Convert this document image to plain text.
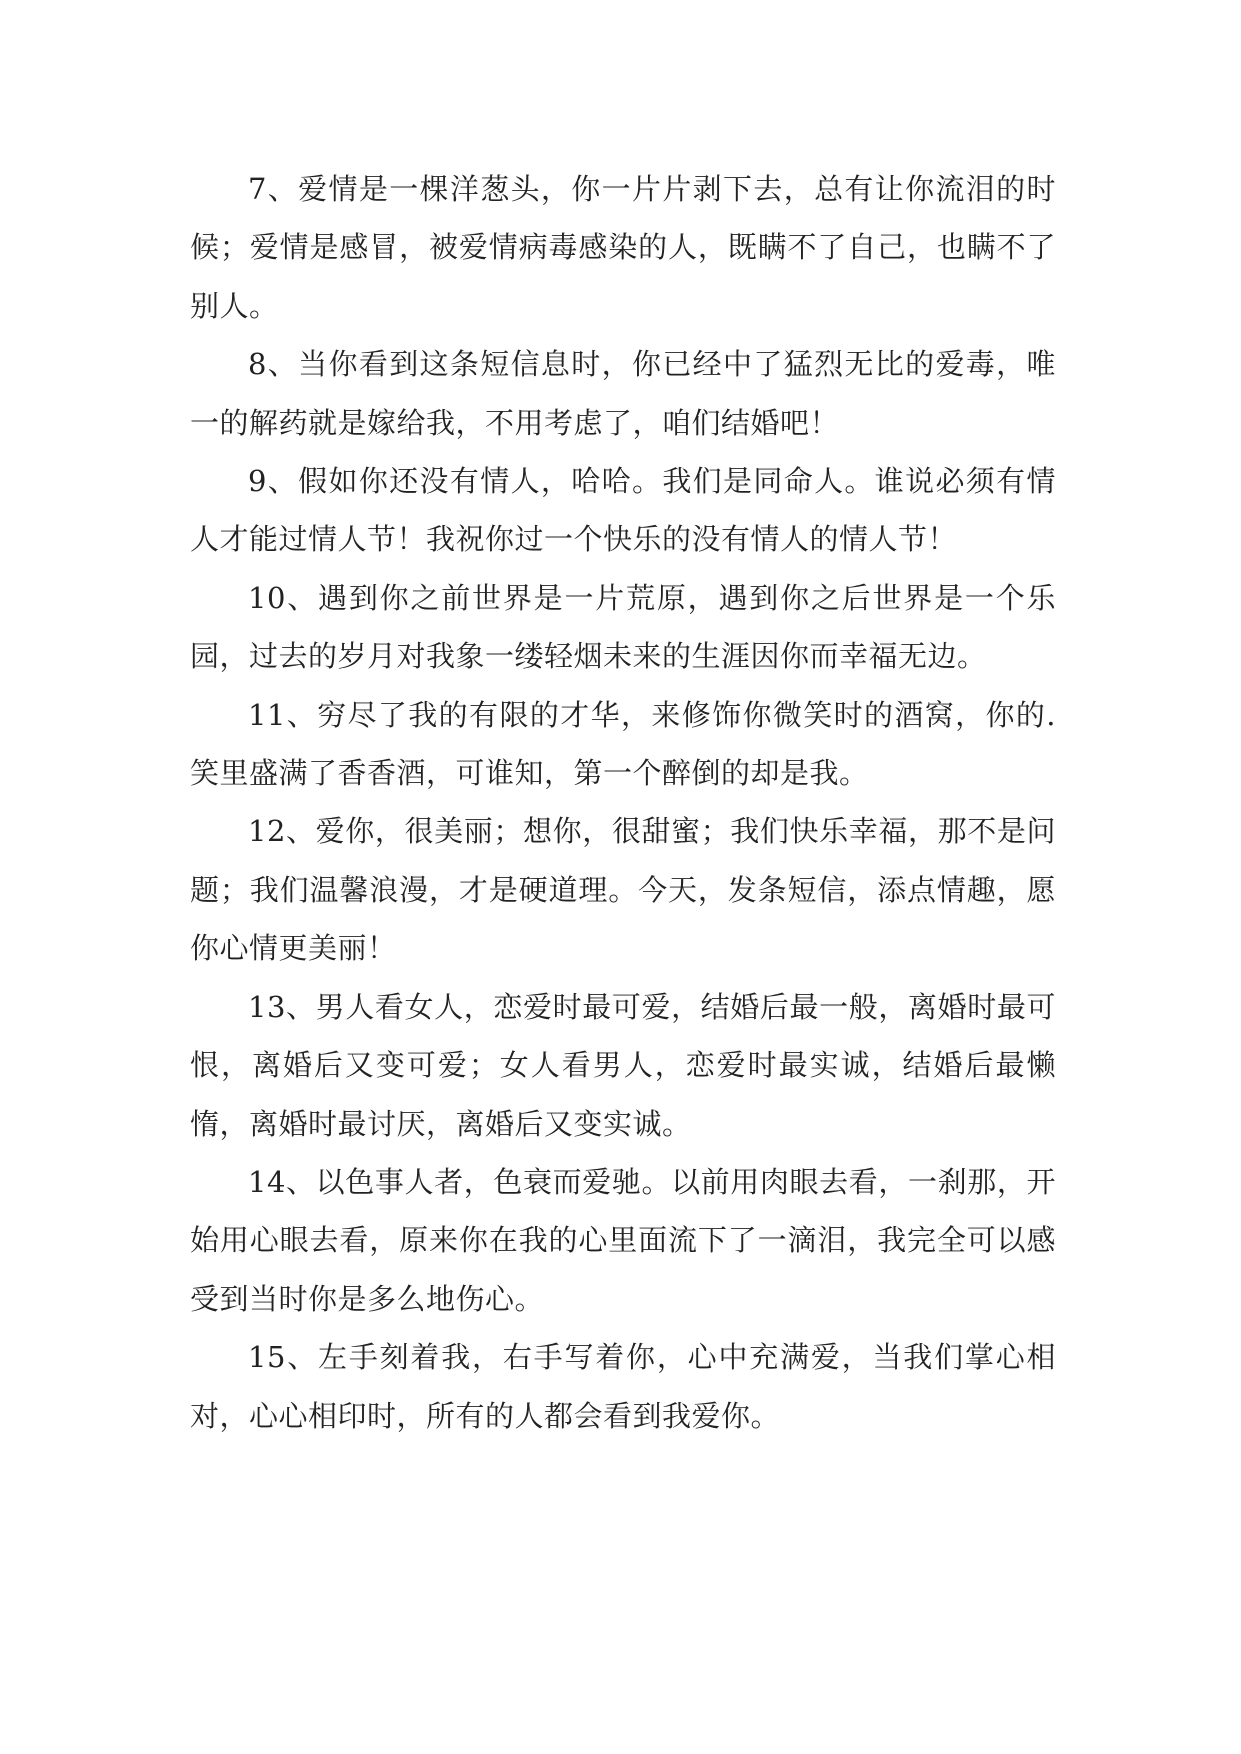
7、爱情是一棵洋葱头，你一片片剥下去，总有让你流泪的时候；爱情是感冒，被爱情病毒感染的人，既瞒不了自己，也瞒不了别人。

8、当你看到这条短信息时，你已经中了猛烈无比的爱毒，唯一的解药就是嫁给我，不用考虑了，咱们结婚吧！

9、假如你还没有情人，哈哈。我们是同命人。谁说必须有情人才能过情人节！我祝你过一个快乐的没有情人的情人节！

10、遇到你之前世界是一片荒原，遇到你之后世界是一个乐园，过去的岁月对我象一缕轻烟未来的生涯因你而幸福无边。

11、穷尽了我的有限的才华，来修饰你微笑时的酒窝，你的.笑里盛满了香香酒，可谁知，第一个醉倒的却是我。

12、爱你，很美丽；想你，很甜蜜；我们快乐幸福，那不是问题；我们温馨浪漫，才是硬道理。今天，发条短信，添点情趣，愿你心情更美丽！

13、男人看女人，恋爱时最可爱，结婚后最一般，离婚时最可恨，离婚后又变可爱；女人看男人，恋爱时最实诚，结婚后最懒惰，离婚时最讨厌，离婚后又变实诚。

14、以色事人者，色衰而爱驰。以前用肉眼去看，一刹那，开始用心眼去看，原来你在我的心里面流下了一滴泪，我完全可以感受到当时你是多么地伤心。

15、左手刻着我，右手写着你，心中充满爱，当我们掌心相对，心心相印时，所有的人都会看到我爱你。
